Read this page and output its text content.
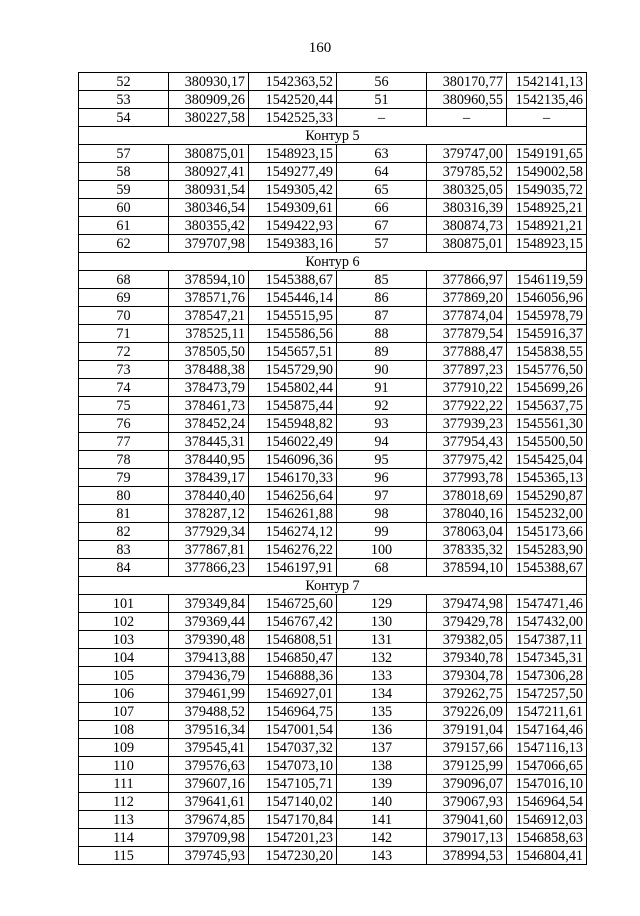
160
52	380930,17	1542363,52	56	380170,77	1542141,13
53	380909,26	1542520,44	51	380960,55	1542135,46
54	380227,58	1542525,33	–	–	–
Контур 5					
57	380875,01	1548923,15	63	379747,00	1549191,65
58	380927,41	1549277,49	64	379785,52	1549002,58
59	380931,54	1549305,42	65	380325,05	1549035,72
60	380346,54	1549309,61	66	380316,39	1548925,21
61	380355,42	1549422,93	67	380874,73	1548921,21
62	379707,98	1549383,16	57	380875,01	1548923,15
Контур 6					
68	378594,10	1545388,67	85	377866,97	1546119,59
69	378571,76	1545446,14	86	377869,20	1546056,96
70	378547,21	1545515,95	87	377874,04	1545978,79
71	378525,11	1545586,56	88	377879,54	1545916,37
72	378505,50	1545657,51	89	377888,47	1545838,55
73	378488,38	1545729,90	90	377897,23	1545776,50
74	378473,79	1545802,44	91	377910,22	1545699,26
75	378461,73	1545875,44	92	377922,22	1545637,75
76	378452,24	1545948,82	93	377939,23	1545561,30
77	378445,31	1546022,49	94	377954,43	1545500,50
78	378440,95	1546096,36	95	377975,42	1545425,04
79	378439,17	1546170,33	96	377993,78	1545365,13
80	378440,40	1546256,64	97	378018,69	1545290,87
81	378287,12	1546261,88	98	378040,16	1545232,00
82	377929,34	1546274,12	99	378063,04	1545173,66
83	377867,81	1546276,22	100	378335,32	1545283,90
84	377866,23	1546197,91	68	378594,10	1545388,67
Контур 7					
101	379349,84	1546725,60	129	379474,98	1547471,46
102	379369,44	1546767,42	130	379429,78	1547432,00
103	379390,48	1546808,51	131	379382,05	1547387,11
104	379413,88	1546850,47	132	379340,78	1547345,31
105	379436,79	1546888,36	133	379304,78	1547306,28
106	379461,99	1546927,01	134	379262,75	1547257,50
107	379488,52	1546964,75	135	379226,09	1547211,61
108	379516,34	1547001,54	136	379191,04	1547164,46
109	379545,41	1547037,32	137	379157,66	1547116,13
110	379576,63	1547073,10	138	379125,99	1547066,65
111	379607,16	1547105,71	139	379096,07	1547016,10
112	379641,61	1547140,02	140	379067,93	1546964,54
113	379674,85	1547170,84	141	379041,60	1546912,03
114	379709,98	1547201,23	142	379017,13	1546858,63
115	379745,93	1547230,20	143	378994,53	1546804,41
